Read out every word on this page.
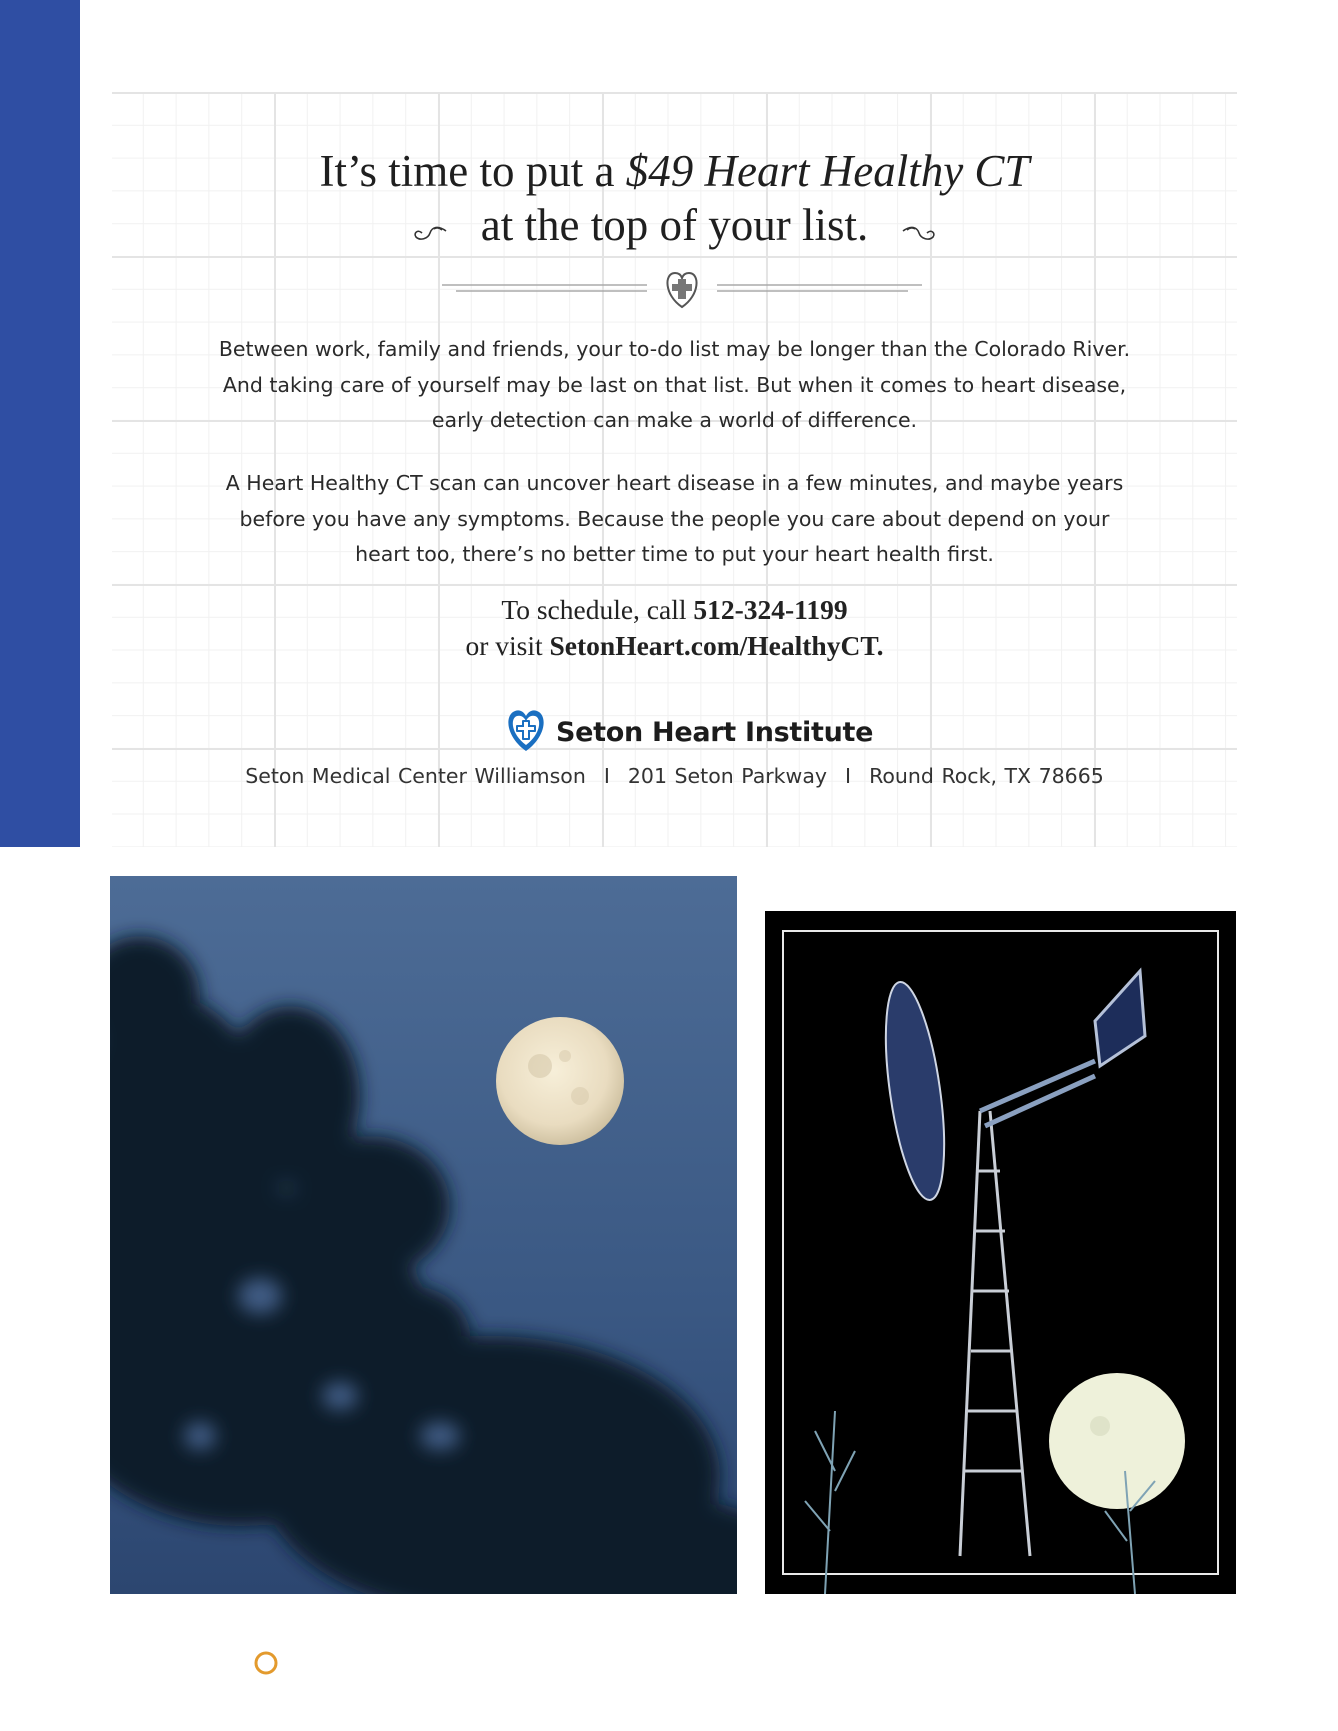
It’s time to put a $49 Heart Healthy CT
at the top of your list.
Between work, family and friends, your to-do list may be longer than the Colorado River. And taking care of yourself may be last on that list. But when it comes to heart disease, early detection can make a world of difference.
A Heart Healthy CT scan can uncover heart disease in a few minutes, and maybe years before you have any symptoms. Because the people you care about depend on your heart too, there’s no better time to put your heart health first.
To schedule, call 512-324-1199
or visit SetonHeart.com/HealthyCT.
Seton Heart Institute
Seton Medical Center Williamson I 201 Seton Parkway I Round Rock, TX 78665
